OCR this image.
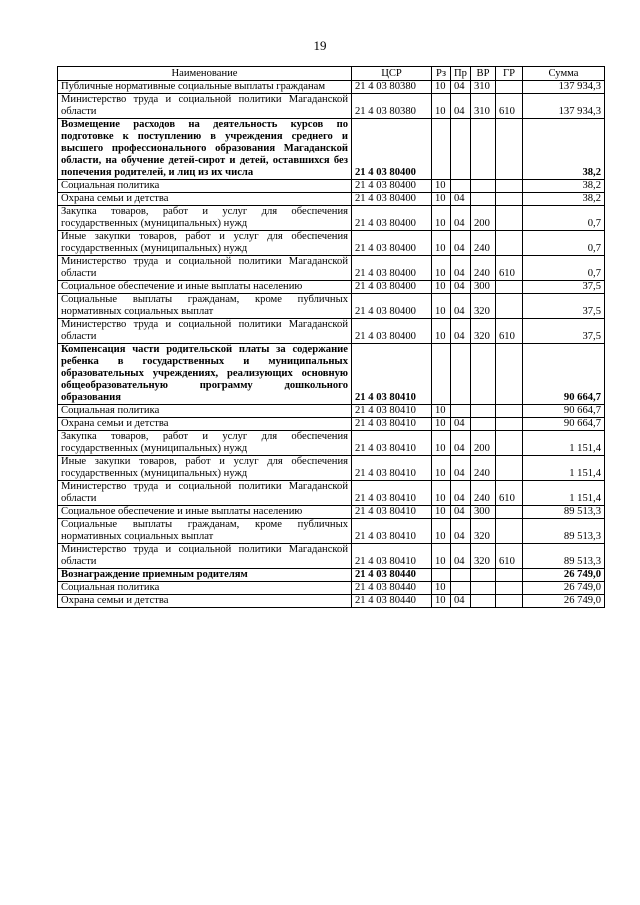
19
Наименование	ЦСР	Рз	Пр	ВР	ГР	Сумма
Публичные нормативные социальные выплаты гражданам	21 4 03 80380	10	04	310		137 934,3
Министерство труда и социальной политики Магаданской области	21 4 03 80380	10	04	310	610	137 934,3
Возмещение расходов на деятельность курсов по подготовке к поступлению в учреждения среднего и высшего профессионального образования Магаданской области, на обучение детей-сирот и детей, оставшихся без попечения родителей, и лиц из их числа	21 4 03 80400					38,2
Социальная политика	21 4 03 80400	10				38,2
Охрана семьи и детства	21 4 03 80400	10	04			38,2
Закупка товаров, работ и услуг для обеспечения государственных (муниципальных) нужд	21 4 03 80400	10	04	200		0,7
Иные закупки товаров, работ и услуг для обеспечения государственных (муниципальных) нужд	21 4 03 80400	10	04	240		0,7
Министерство труда и социальной политики Магаданской области	21 4 03 80400	10	04	240	610	0,7
Социальное обеспечение и иные выплаты населению	21 4 03 80400	10	04	300		37,5
Социальные выплаты гражданам, кроме публичных нормативных социальных выплат	21 4 03 80400	10	04	320		37,5
Министерство труда и социальной политики Магаданской области	21 4 03 80400	10	04	320	610	37,5
Компенсация части родительской платы за содержание ребенка в государственных и муниципальных образовательных учреждениях, реализующих основную общеобразовательную программу дошкольного образования	21 4 03 80410					90 664,7
Социальная политика	21 4 03 80410	10				90 664,7
Охрана семьи и детства	21 4 03 80410	10	04			90 664,7
Закупка товаров, работ и услуг для обеспечения государственных (муниципальных) нужд	21 4 03 80410	10	04	200		1 151,4
Иные закупки товаров, работ и услуг для обеспечения государственных (муниципальных) нужд	21 4 03 80410	10	04	240		1 151,4
Министерство труда и социальной политики Магаданской области	21 4 03 80410	10	04	240	610	1 151,4
Социальное обеспечение и иные выплаты населению	21 4 03 80410	10	04	300		89 513,3
Социальные выплаты гражданам, кроме публичных нормативных социальных выплат	21 4 03 80410	10	04	320		89 513,3
Министерство труда и социальной политики Магаданской области	21 4 03 80410	10	04	320	610	89 513,3
Вознаграждение приемным родителям	21 4 03 80440					26 749,0
Социальная политика	21 4 03 80440	10				26 749,0
Охрана семьи и детства	21 4 03 80440	10	04			26 749,0
